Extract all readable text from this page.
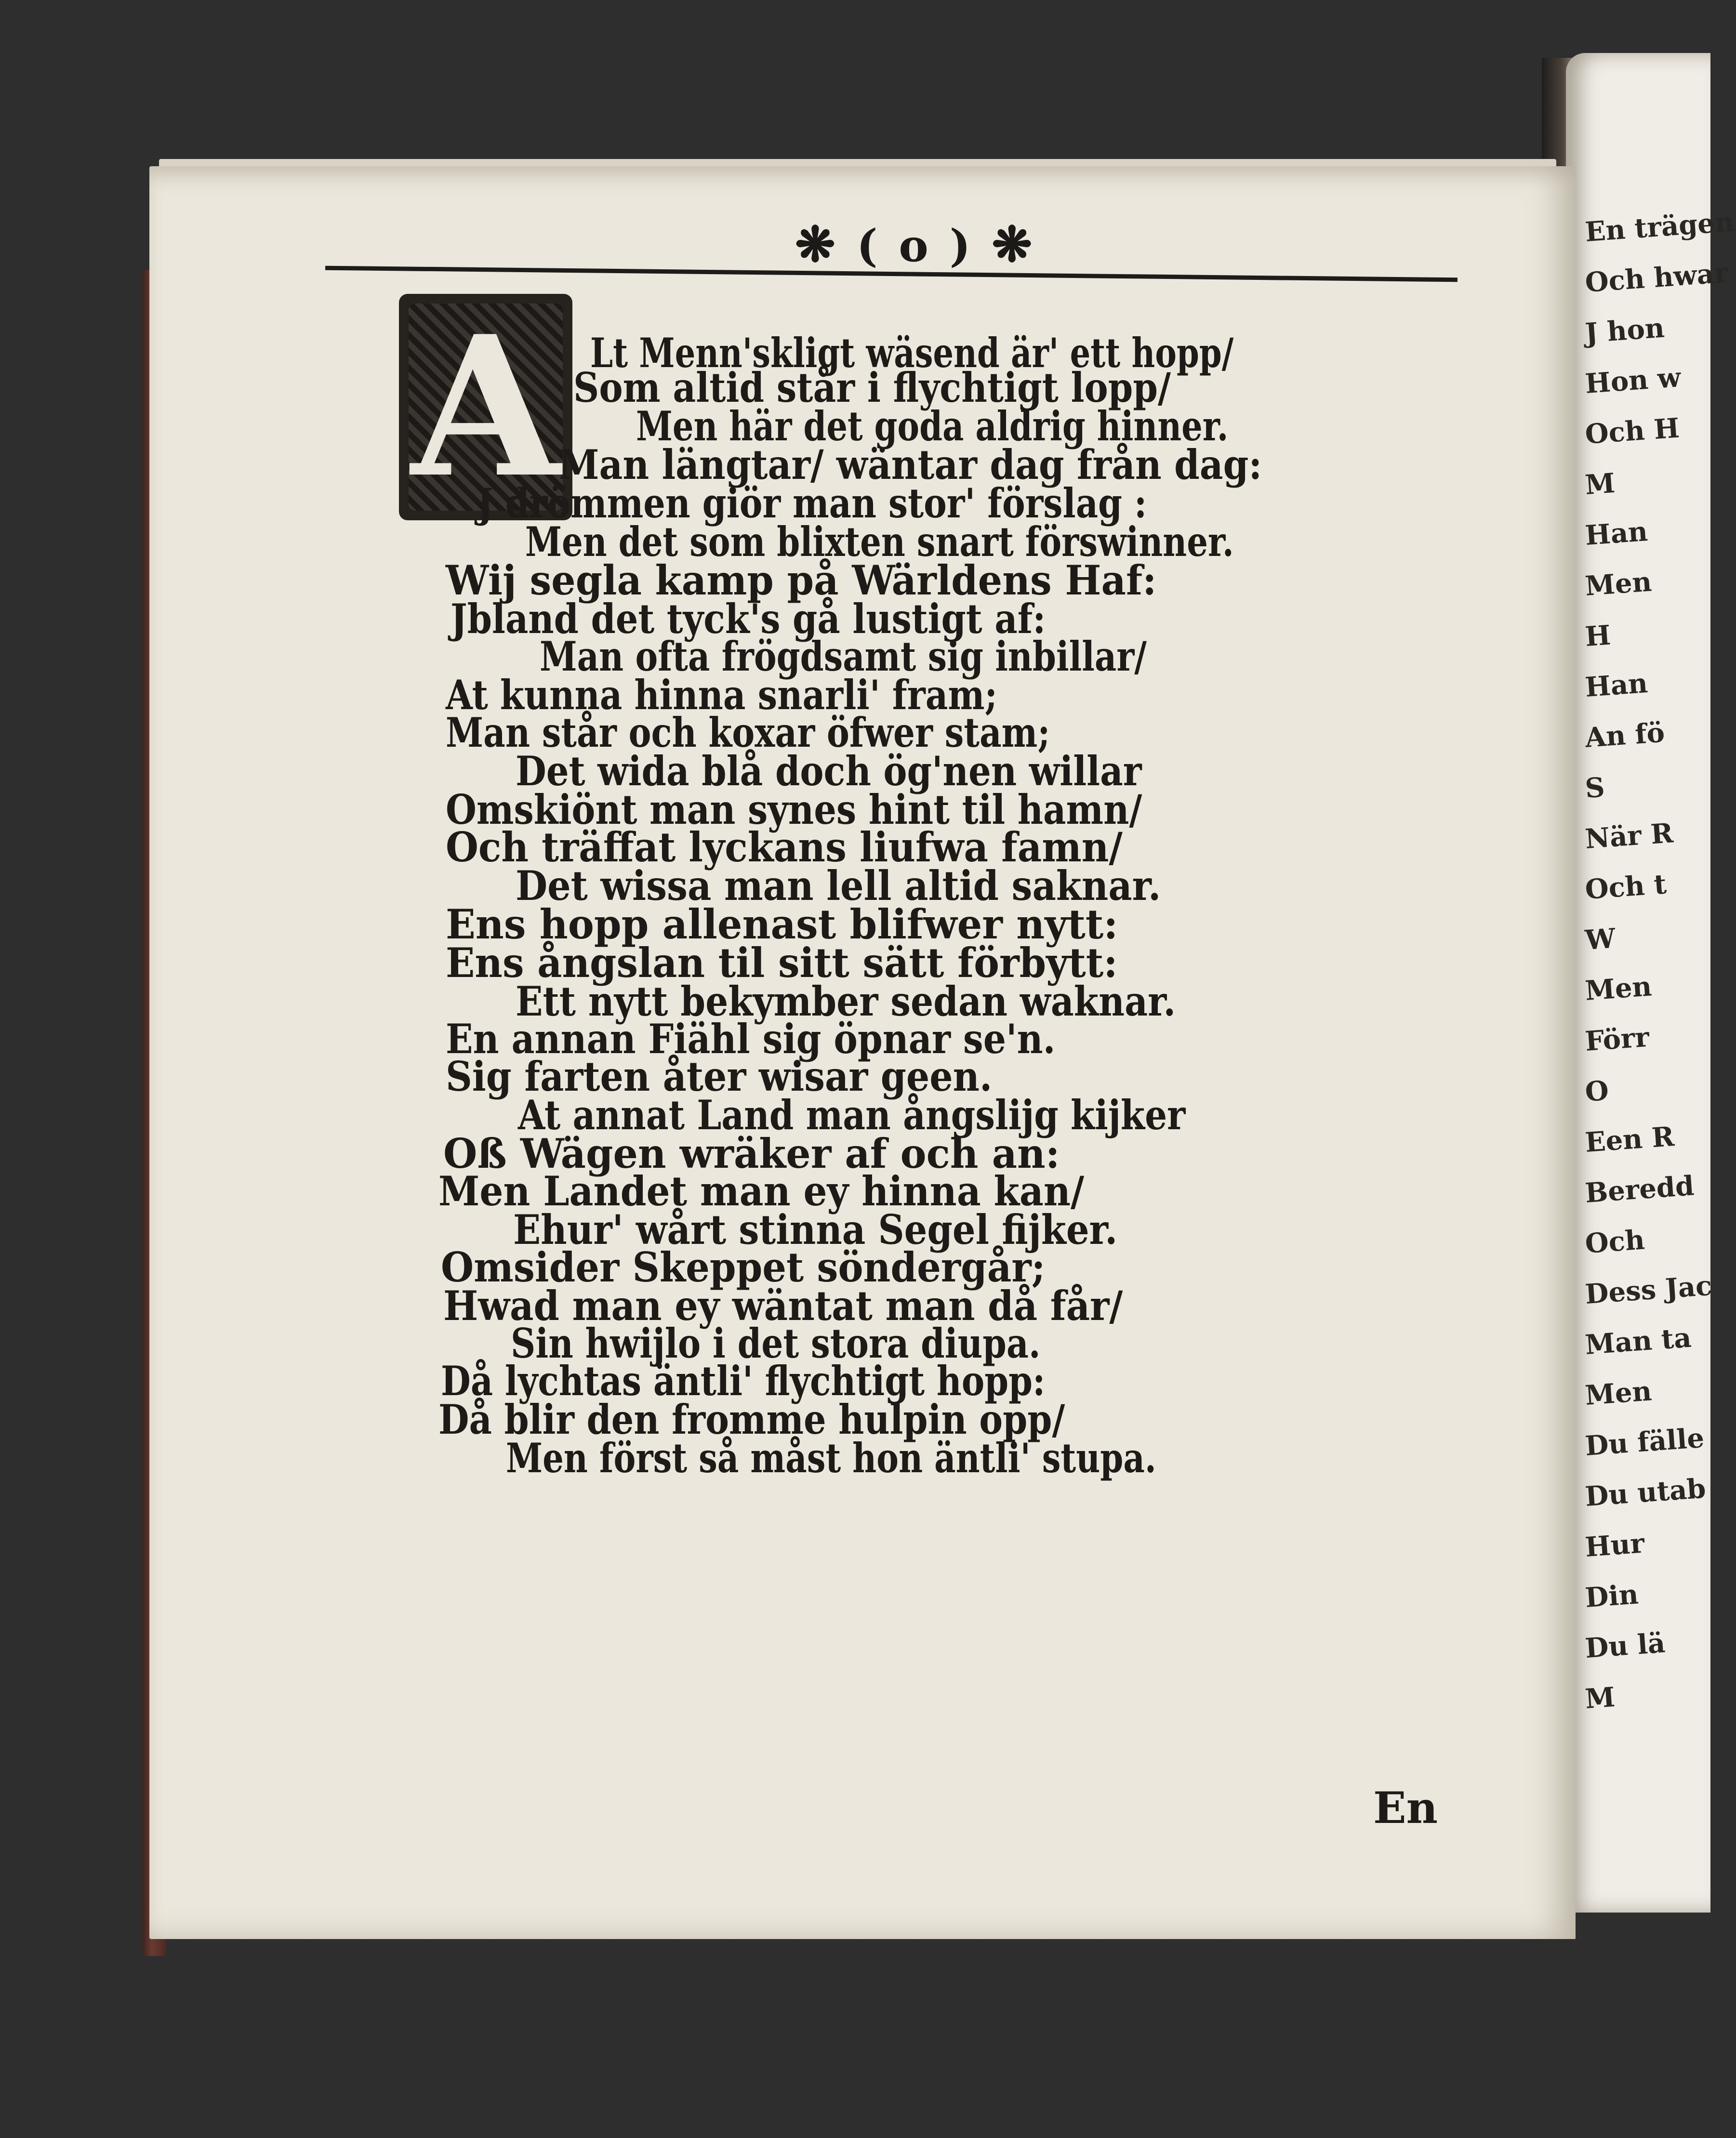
En trägen
Och hwar
J hon
Hon w
Och H
M
Han
Men
H
Han
An fö
S
När R
Och t
W
Men
Förr
O
Een R
Beredd
Och
Dess Jac
Man ta
Men
Du fälle
Du utab
Hur
Din
Du lä
M
❋ ( o ) ❋
A Lt Menn'skligt wäsend är' ett hopp/
Som altid står i flychtigt lopp/
Men här det goda aldrig hinner.
Man längtar/ wäntar dag från dag:
J drömmen giör man stor' förslag :
Men det som blixten snart förswinner.
Wij segla kamp på Wärldens Haf:
Jbland det tyck's gå lustigt af:
Man ofta frögdsamt sig inbillar/
At kunna hinna snarli' fram;
Man står och koxar öfwer stam;
Det wida blå doch ög'nen willar
Omskiönt man synes hint til hamn/
Och träffat lyckans liufwa famn/
Det wissa man lell altid saknar.
Ens hopp allenast blifwer nytt:
Ens ångslan til sitt sätt förbytt:
Ett nytt bekymber sedan waknar.
En annan Fiähl sig öpnar se'n.
Sig farten åter wisar geen.
At annat Land man ångslijg kijker
Oß Wägen wräker af och an:
Men Landet man ey hinna kan/
Ehur' wårt stinna Segel fijker.
Omsider Skeppet söndergår;
Hwad man ey wäntat man då får/
Sin hwijlo i det stora diupa.
Då lychtas äntli' flychtigt hopp:
Då blir den fromme hulpin opp/
Men först så måst hon äntli' stupa.
En
